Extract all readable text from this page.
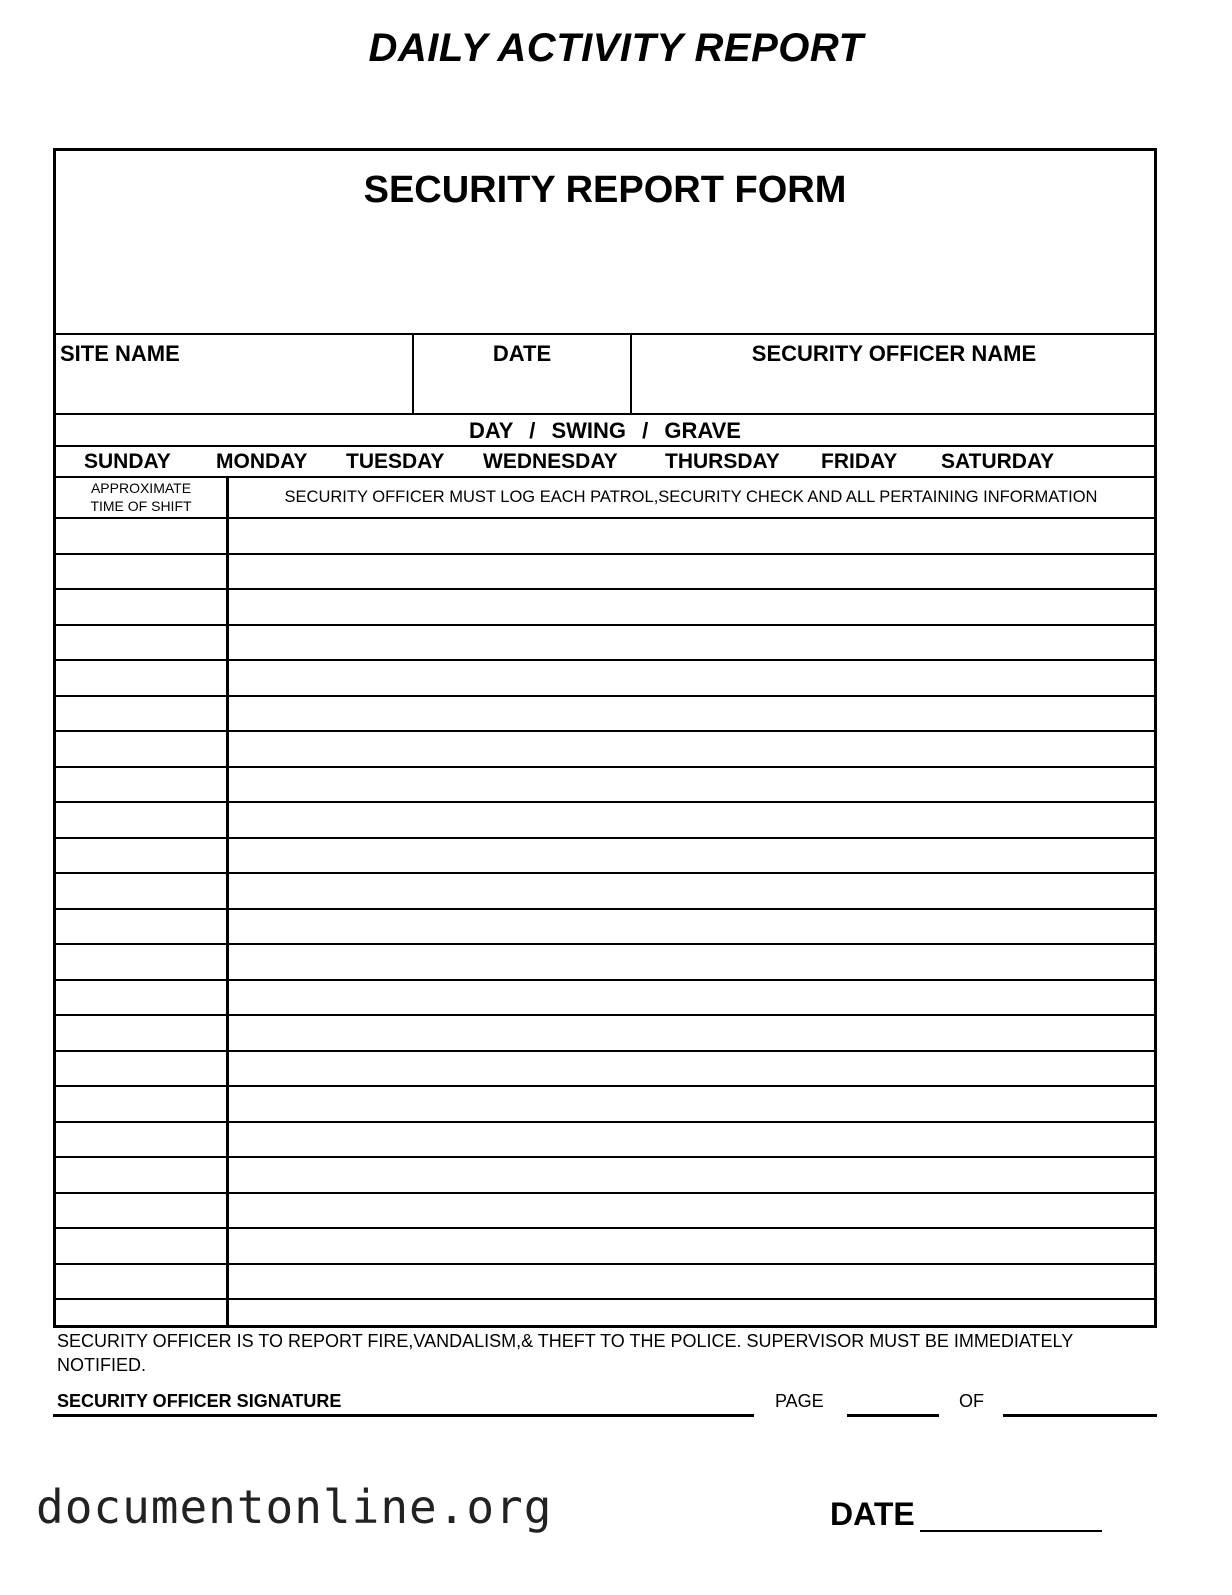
DAILY ACTIVITY REPORT
SECURITY REPORT FORM
SITE NAME	DATE	SECURITY OFFICER NAME
DAY / SWING / GRAVE
SUNDAY MONDAY TUESDAY WEDNESDAY THURSDAY FRIDAY SATURDAY
APPROXIMATE
TIME OF SHIFT	SECURITY OFFICER MUST LOG EACH PATROL,SECURITY CHECK AND ALL PERTAINING INFORMATION
SECURITY OFFICER IS TO REPORT FIRE,VANDALISM,& THEFT TO THE POLICE. SUPERVISOR MUST BE IMMEDIATELY NOTIFIED.
SECURITY OFFICER SIGNATURE	PAGE	OF
documentonline.org	DATE
